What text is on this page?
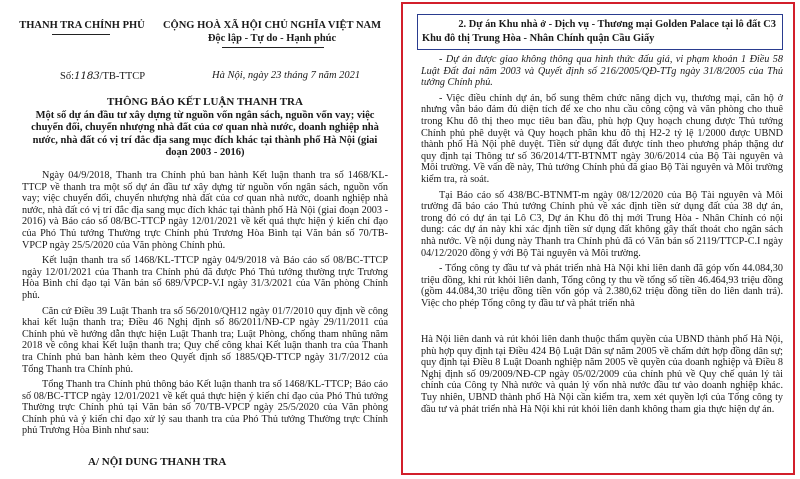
THANH TRA CHÍNH PHỦ	CỘNG HOÀ XÃ HỘI CHỦ NGHĨA VIỆT NAM
Độc lập - Tự do - Hạnh phúc
Số:1183/TB-TTCP	Hà Nội, ngày 23 tháng 7 năm 2021
THÔNG BÁO KẾT LUẬN THANH TRA
Một số dự án đầu tư xây dựng từ nguồn vốn ngân sách, nguồn vốn vay; việc chuyển đổi, chuyển nhượng nhà đất của cơ quan nhà nước, doanh nghiệp nhà nước, nhà đất có vị trí đắc địa sang mục đích khác tại thành phố Hà Nội (giai đoạn 2003 - 2016)

Ngày 04/9/2018, Thanh tra Chính phủ ban hành Kết luận thanh tra số 1468/KL-TTCP về thanh tra một số dự án đầu tư xây dựng từ nguồn vốn ngân sách, nguồn vốn vay; việc chuyển đổi, chuyển nhượng nhà đất của cơ quan nhà nước, doanh nghiệp nhà nước, nhà đất có vị trí đắc địa sang mục đích khác tại thành phố Hà Nội (giai đoạn 2003 - 2016) và Báo cáo số 08/BC-TTCP ngày 12/01/2021 về kết quả thực hiện ý kiến chỉ đạo của Phó Thủ tướng Thường trực Chính phủ Trương Hòa Bình tại Văn bản số 70/TB-VPCP ngày 25/5/2020 của Văn phòng Chính phủ.

Kết luận thanh tra số 1468/KL-TTCP ngày 04/9/2018 và Báo cáo số 08/BC-TTCP ngày 12/01/2021 của Thanh tra Chính phủ đã được Phó Thủ tướng thường trực Trương Hòa Bình chỉ đạo tại Văn bản số 689/VPCP-V.I ngày 31/3/2021 của Văn phòng Chính phủ.

Căn cứ Điều 39 Luật Thanh tra số 56/2010/QH12 ngày 01/7/2010 quy định về công khai kết luận thanh tra; Điều 46 Nghị định số 86/2011/NĐ-CP ngày 29/11/2011 của Chính phủ về hướng dẫn thực hiện Luật Thanh tra; Luật Phòng, chống tham nhũng năm 2018 về công khai Kết luận thanh tra; Quy chế công khai Kết luận thanh tra của Thanh tra Chính phủ ban hành kèm theo Quyết định số 1885/QĐ-TTCP ngày 31/7/2012 của Tổng Thanh tra Chính phủ.

Tổng Thanh tra Chính phủ thông báo Kết luận thanh tra số 1468/KL-TTCP; Báo cáo số 08/BC-TTCP ngày 12/01/2021 về kết quả thực hiện ý kiến chỉ đạo của Phó Thủ tướng Thường trực Chính phủ tại Văn bản số 70/TB-VPCP ngày 25/5/2020 của Văn phòng Chính phủ và ý kiến chỉ đạo xử lý sau thanh tra của Phó Thủ tướng Thường trực Chính phủ Trương Hòa Bình như sau:

A/ NỘI DUNG THANH TRA
2. Dự án Khu nhà ở - Dịch vụ - Thương mại Golden Palace tại lô đất C3
Khu đô thị Trung Hòa - Nhân Chính quận Cầu Giấy

- Dự án được giao không thông qua hình thức đấu giá, vi phạm khoản 1 Điều 58 Luật Đất đai năm 2003 và Quyết định số 216/2005/QĐ-TTg ngày 31/8/2005 của Thủ tướng Chính phủ.

- Việc điều chỉnh dự án, bổ sung thêm chức năng dịch vụ, thương mại, căn hộ ở nhưng vẫn bảo đảm đủ diện tích để xe cho nhu cầu công cộng và văn phòng cho thuê trong Khu đô thị theo mục tiêu ban đầu, phù hợp Quy hoạch chung được Thủ tướng Chính phủ phê duyệt và Quy hoạch phân khu đô thị H2-2 tỷ lệ 1/2000 được UBND thành phố Hà Nội phê duyệt. Tiền sử dụng đất được tính theo phương pháp thặng dư quy định tại Thông tư số 36/2014/TT-BTNMT ngày 30/6/2014 của Bộ Tài nguyên và Môi trường. Về vấn đề này, Thủ tướng Chính phủ đã giao Bộ Tài nguyên và Môi trường kiểm tra, rà soát.

Tại Báo cáo số 438/BC-BTNMT-m ngày 08/12/2020 của Bộ Tài nguyên và Môi trường đã báo cáo Thủ tướng Chính phủ về xác định tiền sử dụng đất của 38 dự án, trong đó có dự án tại Lô C3, Dự án Khu đô thị mới Trung Hòa - Nhân Chính có nội dung: các dự án này khi xác định tiền sử dụng đất không gây thất thoát cho ngân sách nhà nước. Về nội dung này Thanh tra Chính phủ đã có Văn bản số 2119/TTCP-C.I ngày 04/12/2020 đồng ý với Bộ Tài nguyên và Môi trường.

- Tổng công ty đầu tư và phát triển nhà Hà Nội khi liên danh đã góp vốn 44.084,30 triệu đồng, khi rút khỏi liên danh, Tổng công ty thu về tổng số tiền 46.464,93 triệu đồng (gồm 44.084,30 triệu đồng tiền vốn góp và 2.380,62 triệu đồng tiền do liên danh trả). Việc cho phép Tổng công ty đầu tư và phát triển nhà

Hà Nội liên danh và rút khỏi liên danh thuộc thẩm quyền của UBND thành phố Hà Nội, phù hợp quy định tại Điều 424 Bộ Luật Dân sự năm 2005 về chấm dứt hợp đồng dân sự; quy định tại Điều 8 Luật Doanh nghiệp năm 2005 về quyền của doanh nghiệp và Điều 8 Nghị định số 09/2009/NĐ-CP ngày 05/02/2009 của chính phủ về Quy chế quản lý tài chính của Công ty Nhà nước và quản lý vốn nhà nước đầu tư vào doanh nghiệp khác. Tuy nhiên, UBND thành phố Hà Nội cần kiểm tra, xem xét quyền lợi của Tổng công ty đầu tư và phát triển nhà Hà Nội khi rút khỏi liên danh không tham gia thực hiện dự án.
